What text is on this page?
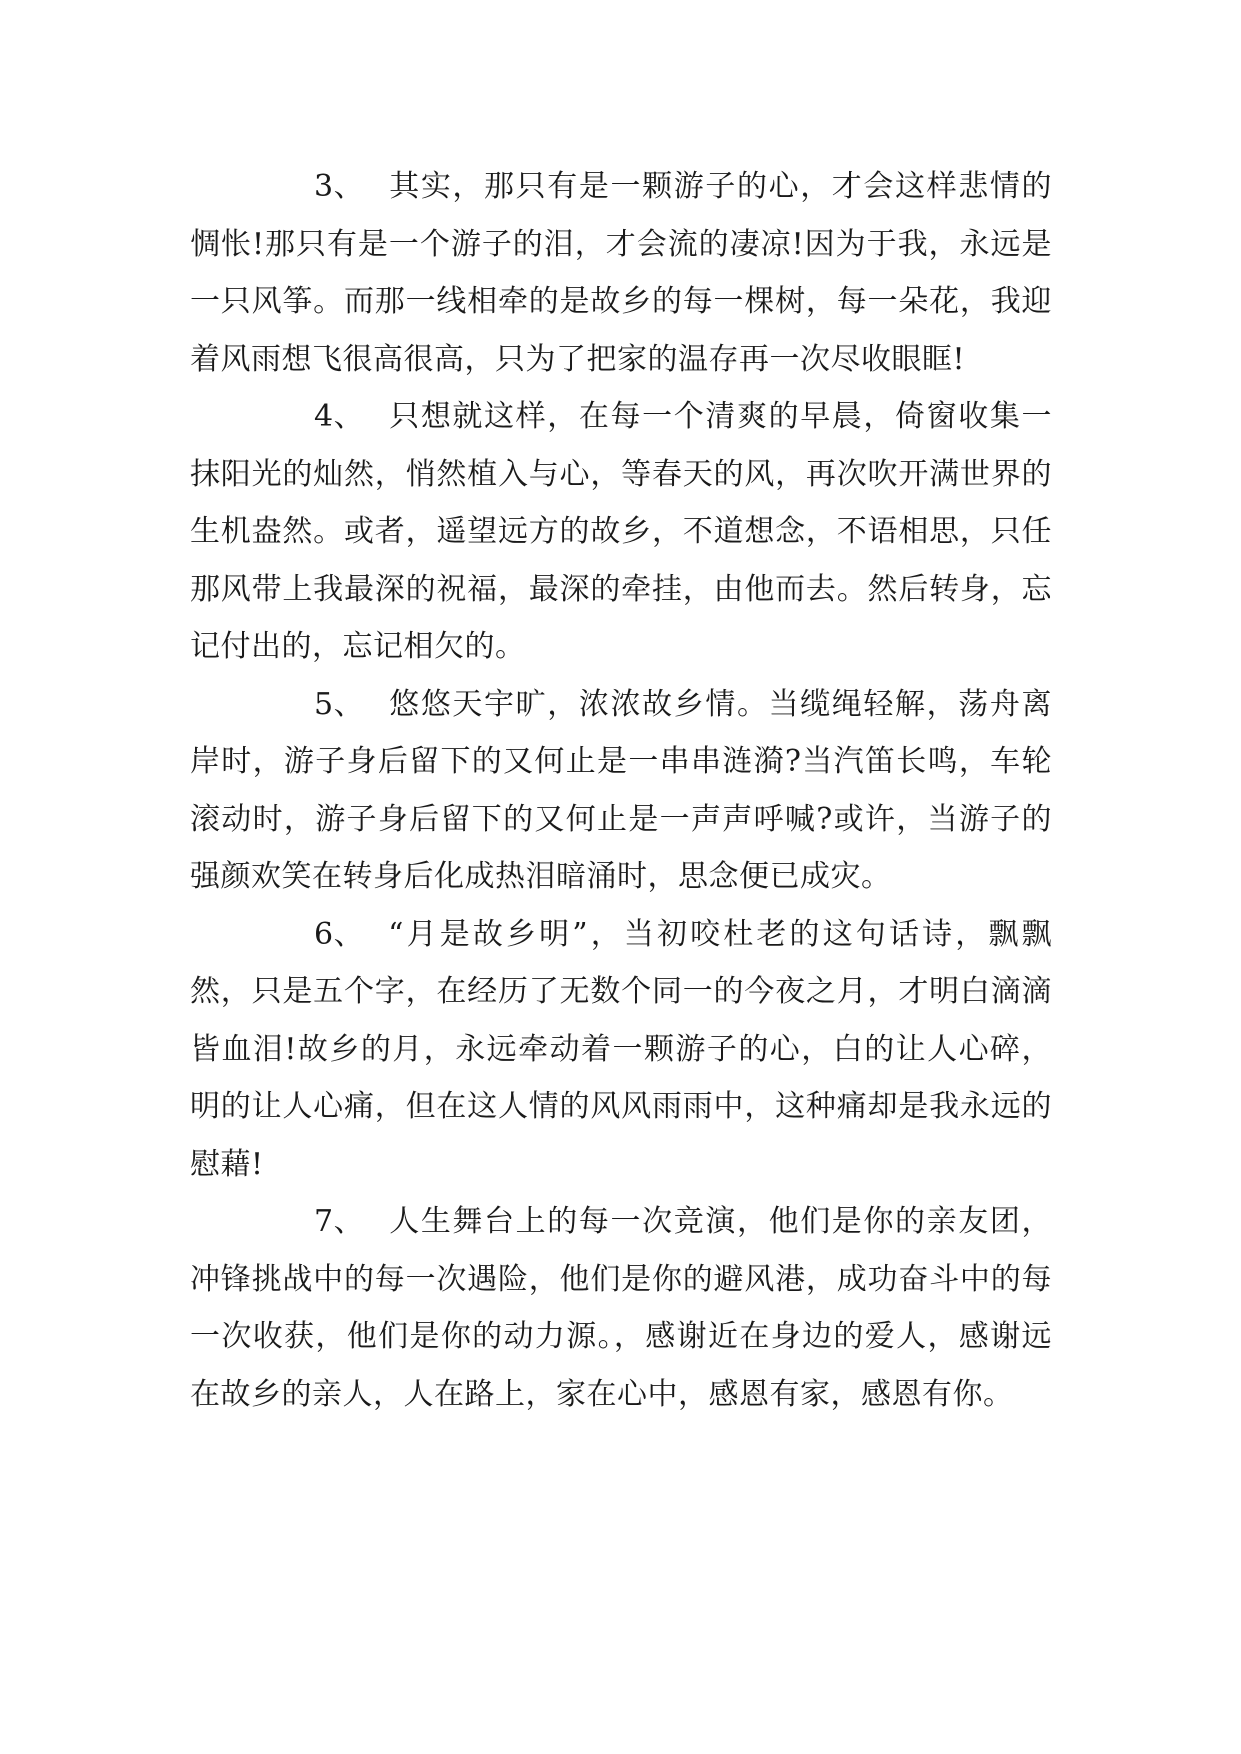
3、 其实，那只有是一颗游子的心，才会这样悲情的惆怅!那只有是一个游子的泪，才会流的凄凉!因为于我，永远是一只风筝。而那一线相牵的是故乡的每一棵树，每一朵花，我迎着风雨想飞很高很高，只为了把家的温存再一次尽收眼眶!

4、 只想就这样，在每一个清爽的早晨，倚窗收集一抹阳光的灿然，悄然植入与心，等春天的风，再次吹开满世界的生机盎然。或者，遥望远方的故乡，不道想念，不语相思，只任那风带上我最深的祝福，最深的牵挂，由他而去。然后转身，忘记付出的，忘记相欠的。

5、 悠悠天宇旷，浓浓故乡情。当缆绳轻解，荡舟离岸时，游子身后留下的又何止是一串串涟漪?当汽笛长鸣，车轮滚动时，游子身后留下的又何止是一声声呼喊?或许，当游子的强颜欢笑在转身后化成热泪暗涌时，思念便已成灾。

6、 “月是故乡明”，当初咬杜老的这句话诗，飘飘然，只是五个字，在经历了无数个同一的今夜之月，才明白滴滴皆血泪!故乡的月，永远牵动着一颗游子的心，白的让人心碎，明的让人心痛，但在这人情的风风雨雨中，这种痛却是我永远的慰藉!

7、 人生舞台上的每一次竞演，他们是你的亲友团，冲锋挑战中的每一次遇险，他们是你的避风港，成功奋斗中的每一次收获，他们是你的动力源。，感谢近在身边的爱人，感谢远在故乡的亲人，人在路上，家在心中，感恩有家，感恩有你。
